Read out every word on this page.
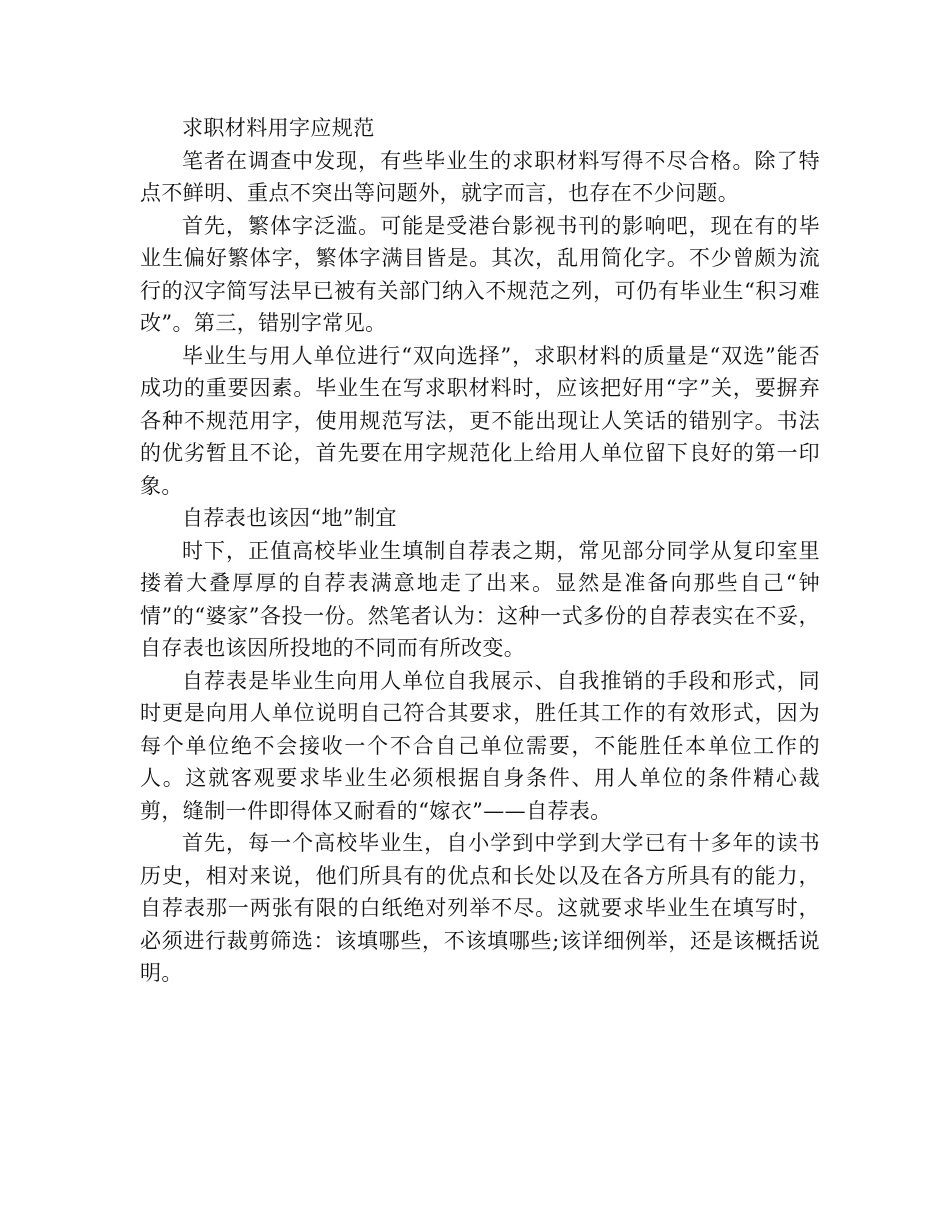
求职材料用字应规范

笔者在调查中发现，有些毕业生的求职材料写得不尽合格。除了特点不鲜明、重点不突出等问题外，就字而言，也存在不少问题。

首先，繁体字泛滥。可能是受港台影视书刊的影响吧，现在有的毕业生偏好繁体字，繁体字满目皆是。其次，乱用简化字。不少曾颇为流行的汉字简写法早已被有关部门纳入不规范之列，可仍有毕业生“积习难改”。第三，错别字常见。

毕业生与用人单位进行“双向选择”，求职材料的质量是“双选”能否成功的重要因素。毕业生在写求职材料时，应该把好用“字”关，要摒弃各种不规范用字，使用规范写法，更不能出现让人笑话的错别字。书法的优劣暂且不论，首先要在用字规范化上给用人单位留下良好的第一印象。

自荐表也该因“地”制宜

时下，正值高校毕业生填制自荐表之期，常见部分同学从复印室里搂着大叠厚厚的自荐表满意地走了出来。显然是准备向那些自己“钟情”的“婆家”各投一份。然笔者认为：这种一式多份的自荐表实在不妥，自存表也该因所投地的不同而有所改变。

自荐表是毕业生向用人单位自我展示、自我推销的手段和形式，同时更是向用人单位说明自己符合其要求，胜任其工作的有效形式，因为每个单位绝不会接收一个不合自己单位需要，不能胜任本单位工作的人。这就客观要求毕业生必须根据自身条件、用人单位的条件精心裁剪，缝制一件即得体又耐看的“嫁衣”——自荐表。

首先，每一个高校毕业生，自小学到中学到大学已有十多年的读书历史，相对来说，他们所具有的优点和长处以及在各方所具有的能力，自荐表那一两张有限的白纸绝对列举不尽。这就要求毕业生在填写时，必须进行裁剪筛选：该填哪些，不该填哪些;该详细例举，还是该概括说明。
